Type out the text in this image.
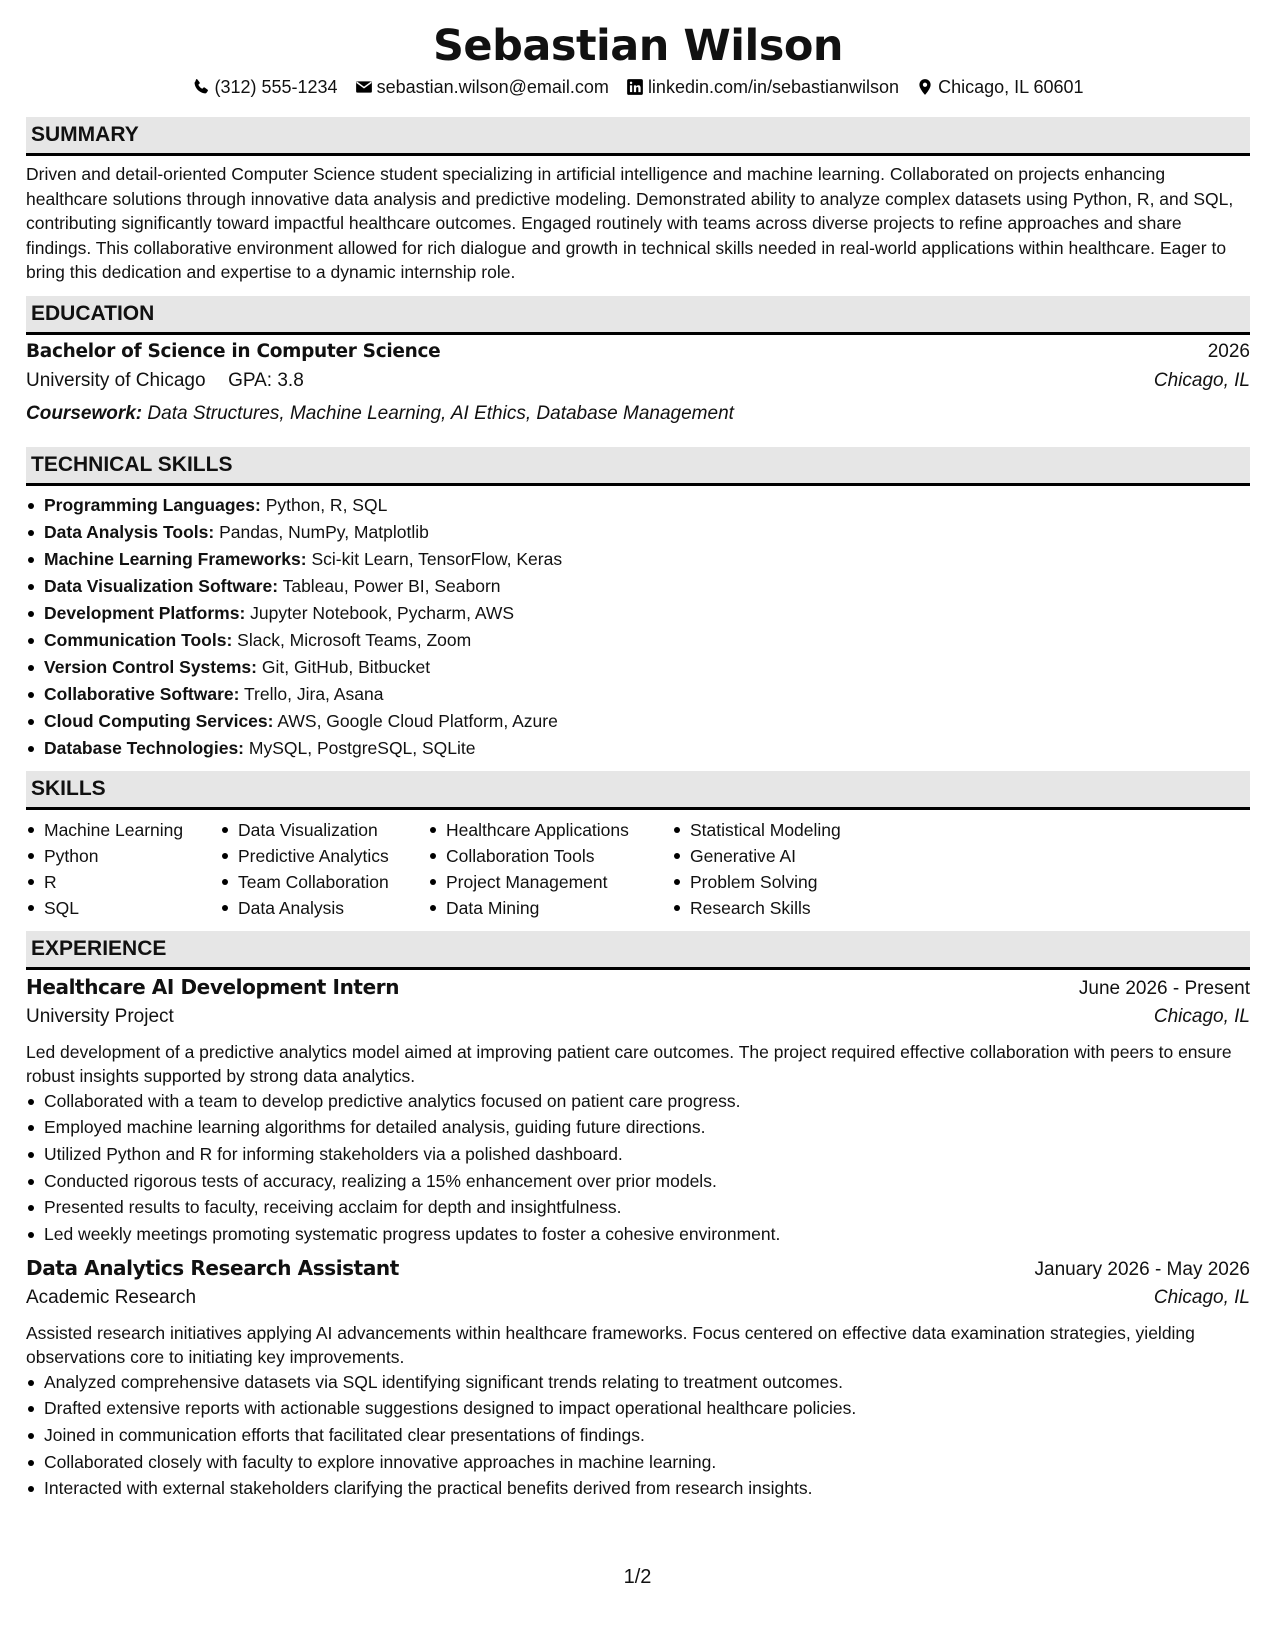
Sebastian Wilson
(312) 555-1234 sebastian.wilson@email.com linkedin.com/in/sebastianwilson Chicago, IL 60601
SUMMARY

Driven and detail-oriented Computer Science student specializing in artificial intelligence and machine learning. Collaborated on projects enhancing healthcare solutions through innovative data analysis and predictive modeling. Demonstrated ability to analyze complex datasets using Python, R, and SQL, contributing significantly toward impactful healthcare outcomes. Engaged routinely with teams across diverse projects to refine approaches and share findings. This collaborative environment allowed for rich dialogue and growth in technical skills needed in real-world applications within healthcare. Eager to bring this dedication and expertise to a dynamic internship role.

EDUCATION
Bachelor of Science in Computer Science	2026
University of Chicago GPA: 3.8	Chicago, IL
Coursework: Data Structures, Machine Learning, AI Ethics, Database Management
TECHNICAL SKILLS
Programming Languages: Python, R, SQL
Data Analysis Tools: Pandas, NumPy, Matplotlib
Machine Learning Frameworks: Sci-kit Learn, TensorFlow, Keras
Data Visualization Software: Tableau, Power BI, Seaborn
Development Platforms: Jupyter Notebook, Pycharm, AWS
Communication Tools: Slack, Microsoft Teams, Zoom
Version Control Systems: Git, GitHub, Bitbucket
Collaborative Software: Trello, Jira, Asana
Cloud Computing Services: AWS, Google Cloud Platform, Azure
Database Technologies: MySQL, PostgreSQL, SQLite
SKILLS
Machine Learning
Python
R
SQL
Data Visualization
Predictive Analytics
Team Collaboration
Data Analysis
Healthcare Applications
Collaboration Tools
Project Management
Data Mining
Statistical Modeling
Generative AI
Problem Solving
Research Skills
EXPERIENCE
Healthcare AI Development Intern	June 2026 - Present
University Project	Chicago, IL

Led development of a predictive analytics model aimed at improving patient care outcomes. The project required effective collaboration with peers to ensure robust insights supported by strong data analytics.

Collaborated with a team to develop predictive analytics focused on patient care progress.
Employed machine learning algorithms for detailed analysis, guiding future directions.
Utilized Python and R for informing stakeholders via a polished dashboard.
Conducted rigorous tests of accuracy, realizing a 15% enhancement over prior models.
Presented results to faculty, receiving acclaim for depth and insightfulness.
Led weekly meetings promoting systematic progress updates to foster a cohesive environment.
Data Analytics Research Assistant	January 2026 - May 2026
Academic Research	Chicago, IL

Assisted research initiatives applying AI advancements within healthcare frameworks. Focus centered on effective data examination strategies, yielding observations core to initiating key improvements.

Analyzed comprehensive datasets via SQL identifying significant trends relating to treatment outcomes.
Drafted extensive reports with actionable suggestions designed to impact operational healthcare policies.
Joined in communication efforts that facilitated clear presentations of findings.
Collaborated closely with faculty to explore innovative approaches in machine learning.
Interacted with external stakeholders clarifying the practical benefits derived from research insights.
1/2
